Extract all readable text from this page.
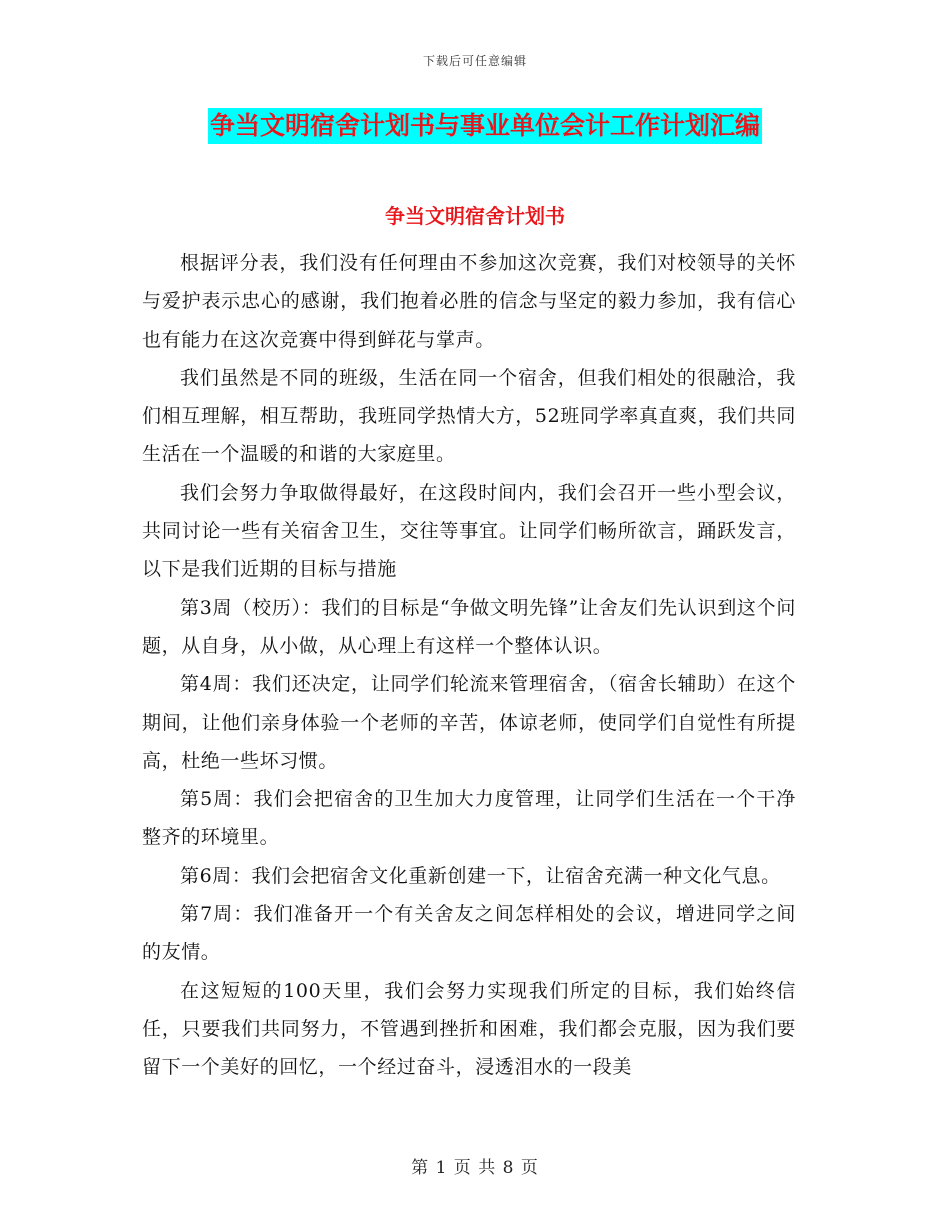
下载后可任意编辑
争当文明宿舍计划书与事业单位会计工作计划汇编
争当文明宿舍计划书

根据评分表，我们没有任何理由不参加这次竞赛，我们对校领导的关怀与爱护表示忠心的感谢，我们抱着必胜的信念与坚定的毅力参加，我有信心也有能力在这次竞赛中得到鲜花与掌声。

我们虽然是不同的班级，生活在同一个宿舍，但我们相处的很融洽，我们相互理解，相互帮助，我班同学热情大方，52班同学率真直爽，我们共同生活在一个温暖的和谐的大家庭里。

我们会努力争取做得最好，在这段时间内，我们会召开一些小型会议，共同讨论一些有关宿舍卫生，交往等事宜。让同学们畅所欲言，踊跃发言，以下是我们近期的目标与措施

第3周（校历）：我们的目标是“争做文明先锋”让舍友们先认识到这个问题，从自身，从小做，从心理上有这样一个整体认识。

第4周：我们还决定，让同学们轮流来管理宿舍，（宿舍长辅助）在这个期间，让他们亲身体验一个老师的辛苦，体谅老师，使同学们自觉性有所提高，杜绝一些坏习惯。

第5周：我们会把宿舍的卫生加大力度管理，让同学们生活在一个干净整齐的环境里。

第6周：我们会把宿舍文化重新创建一下，让宿舍充满一种文化气息。

第7周：我们准备开一个有关舍友之间怎样相处的会议，增进同学之间的友情。

在这短短的100天里，我们会努力实现我们所定的目标，我们始终信任，只要我们共同努力，不管遇到挫折和困难，我们都会克服，因为我们要留下一个美好的回忆，一个经过奋斗，浸透泪水的一段美

第 1 页 共 8 页
